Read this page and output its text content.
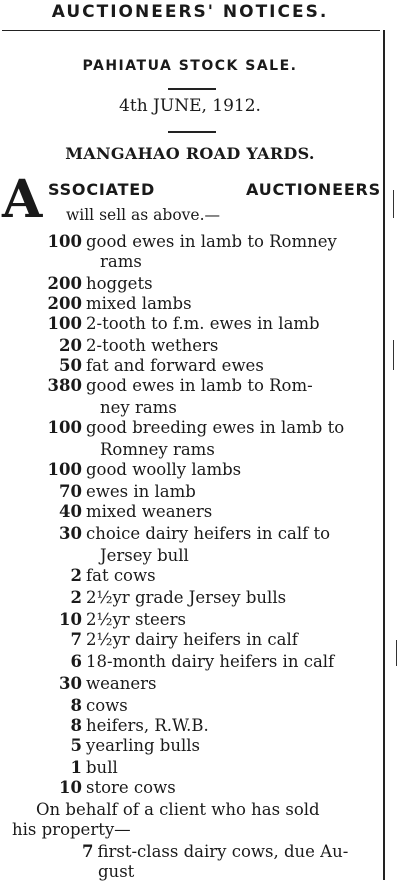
AUCTIONEERS' NOTICES.
PAHIATUA STOCK SALE.
4th JUNE, 1912.
MANGAHAO ROAD YARDS.
A SSOCIATED	AUCTIONEERS
will sell as above.—
100 good ewes in lamb to Romney
rams
200 hoggets
200 mixed lambs
100 2-tooth to f.m. ewes in lamb
20 2-tooth wethers
50 fat and forward ewes
380 good ewes in lamb to Rom-
ney rams
100 good breeding ewes in lamb to
Romney rams
100 good woolly lambs
70 ewes in lamb
40 mixed weaners
30 choice dairy heifers in calf to
Jersey bull
2 fat cows
2 2½yr grade Jersey bulls
10 2½yr steers
7 2½yr dairy heifers in calf
6 18-month dairy heifers in calf
30 weaners
8 cows
8 heifers, R.W.B.
5 yearling bulls
1 bull
10 store cows
On behalf of a client who has sold
his property—
7 first-class dairy cows, due Au-
gust
